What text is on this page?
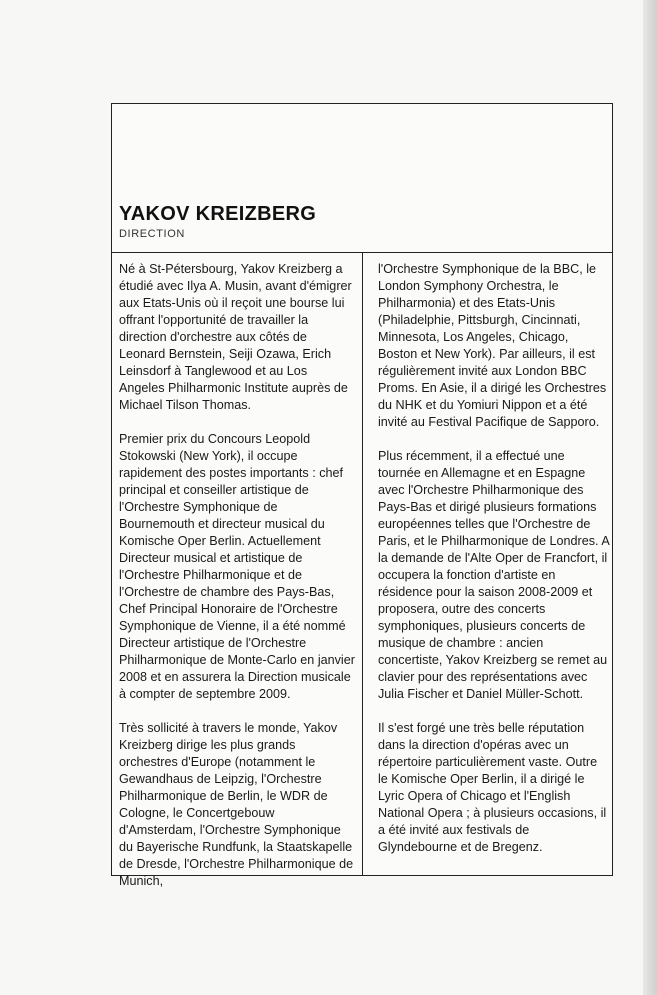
YAKOV KREIZBERG
DIRECTION

Né à St-Pétersbourg, Yakov Kreizberg a étudié avec Ilya A. Musin, avant d'émigrer aux Etats-Unis où il reçoit une bourse lui offrant l'opportunité de travailler la direction d'orchestre aux côtés de Leonard Bernstein, Seiji Ozawa, Erich Leinsdorf à Tanglewood et au Los Angeles Philharmonic Institute auprès de Michael Tilson Thomas.

Premier prix du Concours Leopold Stokowski (New York), il occupe rapidement des postes importants : chef principal et conseiller artistique de l'Orchestre Symphonique de Bournemouth et directeur musical du Komische Oper Berlin. Actuellement Directeur musical et artistique de l'Orchestre Philharmonique et de l'Orchestre de chambre des Pays-Bas, Chef Principal Honoraire de l'Orchestre Symphonique de Vienne, il a été nommé Directeur artistique de l'Orchestre Philharmonique de Monte-Carlo en janvier 2008 et en assurera la Direction musicale à compter de septembre 2009.

Très sollicité à travers le monde, Yakov Kreizberg dirige les plus grands orchestres d'Europe (notamment le Gewandhaus de Leipzig, l'Orchestre Philharmonique de Berlin, le WDR de Cologne, le Concertgebouw d'Amsterdam, l'Orchestre Symphonique du Bayerische Rundfunk, la Staatskapelle de Dresde, l'Orchestre Philharmonique de Munich,

l'Orchestre Symphonique de la BBC, le London Symphony Orchestra, le Philharmonia) et des Etats-Unis (Philadelphie, Pittsburgh, Cincinnati, Minnesota, Los Angeles, Chicago, Boston et New York). Par ailleurs, il est régulièrement invité aux London BBC Proms. En Asie, il a dirigé les Orchestres du NHK et du Yomiuri Nippon et a été invité au Festival Pacifique de Sapporo.

Plus récemment, il a effectué une tournée en Allemagne et en Espagne avec l'Orchestre Philharmonique des Pays-Bas et dirigé plusieurs formations européennes telles que l'Orchestre de Paris, et le Philharmonique de Londres. A la demande de l'Alte Oper de Francfort, il occupera la fonction d'artiste en résidence pour la saison 2008-2009 et proposera, outre des concerts symphoniques, plusieurs concerts de musique de chambre : ancien concertiste, Yakov Kreizberg se remet au clavier pour des représentations avec Julia Fischer et Daniel Müller-Schott.

Il s'est forgé une très belle réputation dans la direction d'opéras avec un répertoire particulièrement vaste. Outre le Komische Oper Berlin, il a dirigé le Lyric Opera of Chicago et l'English National Opera ; à plusieurs occasions, il a été invité aux festivals de Glyndebourne et de Bregenz.
